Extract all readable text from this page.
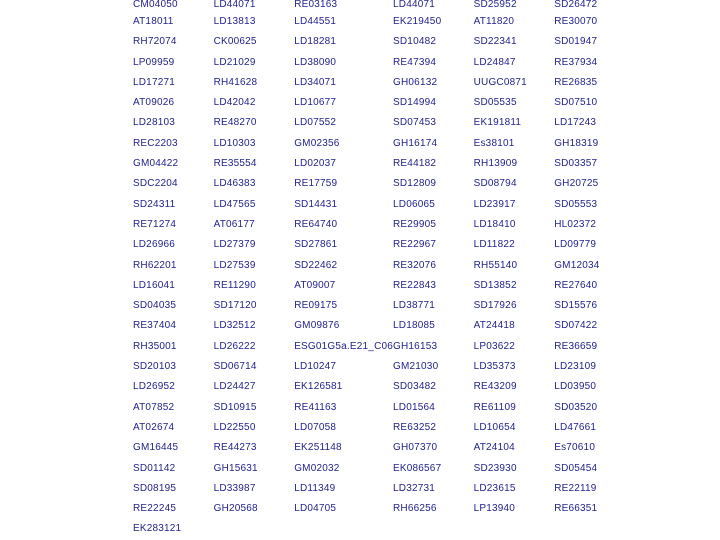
CM04050	LD44071	RE03163	LD44071	SD25952	SD26472
AT18011	LD13813	LD44551	EK219450	AT11820	RE30070
RH72074	CK00625	LD18281	SD10482	SD22341	SD01947
LP09959	LD21029	LD38090	RE47394	LD24847	RE37934
LD17271	RH41628	LD34071	GH06132	UUGC0871	RE26835
AT09026	LD42042	LD10677	SD14994	SD05535	SD07510
LD28103	RE48270	LD07552	SD07453	EK191811	LD17243
REC2203	LD10303	GM02356	GH16174	Es38101	GH18319
GM04422	RE35554	LD02037	RE44182	RH13909	SD03357
SDC2204	LD46383	RE17759	SD12809	SD08794	GH20725
SD24311	LD47565	SD14431	LD06065	LD23917	SD05553
RE71274	AT06177	RE64740	RE29905	LD18410	HL02372
LD26966	LD27379	SD27861	RE22967	LD11822	LD09779
RH62201	LD27539	SD22462	RE32076	RH55140	GM12034
LD16041	RE11290	AT09007	RE22843	SD13852	RE27640
SD04035	SD17120	RE09175	LD38771	SD17926	SD15576
RE37404	LD32512	GM09876	LD18085	AT24418	SD07422
RH35001	LD26222	ESG01G5a.E21_C06	GH16153	LP03622	RE36659
SD20103	SD06714	LD10247	GM21030	LD35373	LD23109
LD26952	LD24427	EK126581	SD03482	RE43209	LD03950
AT07852	SD10915	RE41163	LD01564	RE61109	SD03520
AT02674	LD22550	LD07058	RE63252	LD10654	LD47661
GM16445	RE44273	EK251148	GH07370	AT24104	Es70610
SD01142	GH15631	GM02032	EK086567	SD23930	SD05454
SD08195	LD33987	LD11349	LD32731	LD23615	RE22119
RE22245	GH20568	LD04705	RH66256	LP13940	RE66351
EK283121					
